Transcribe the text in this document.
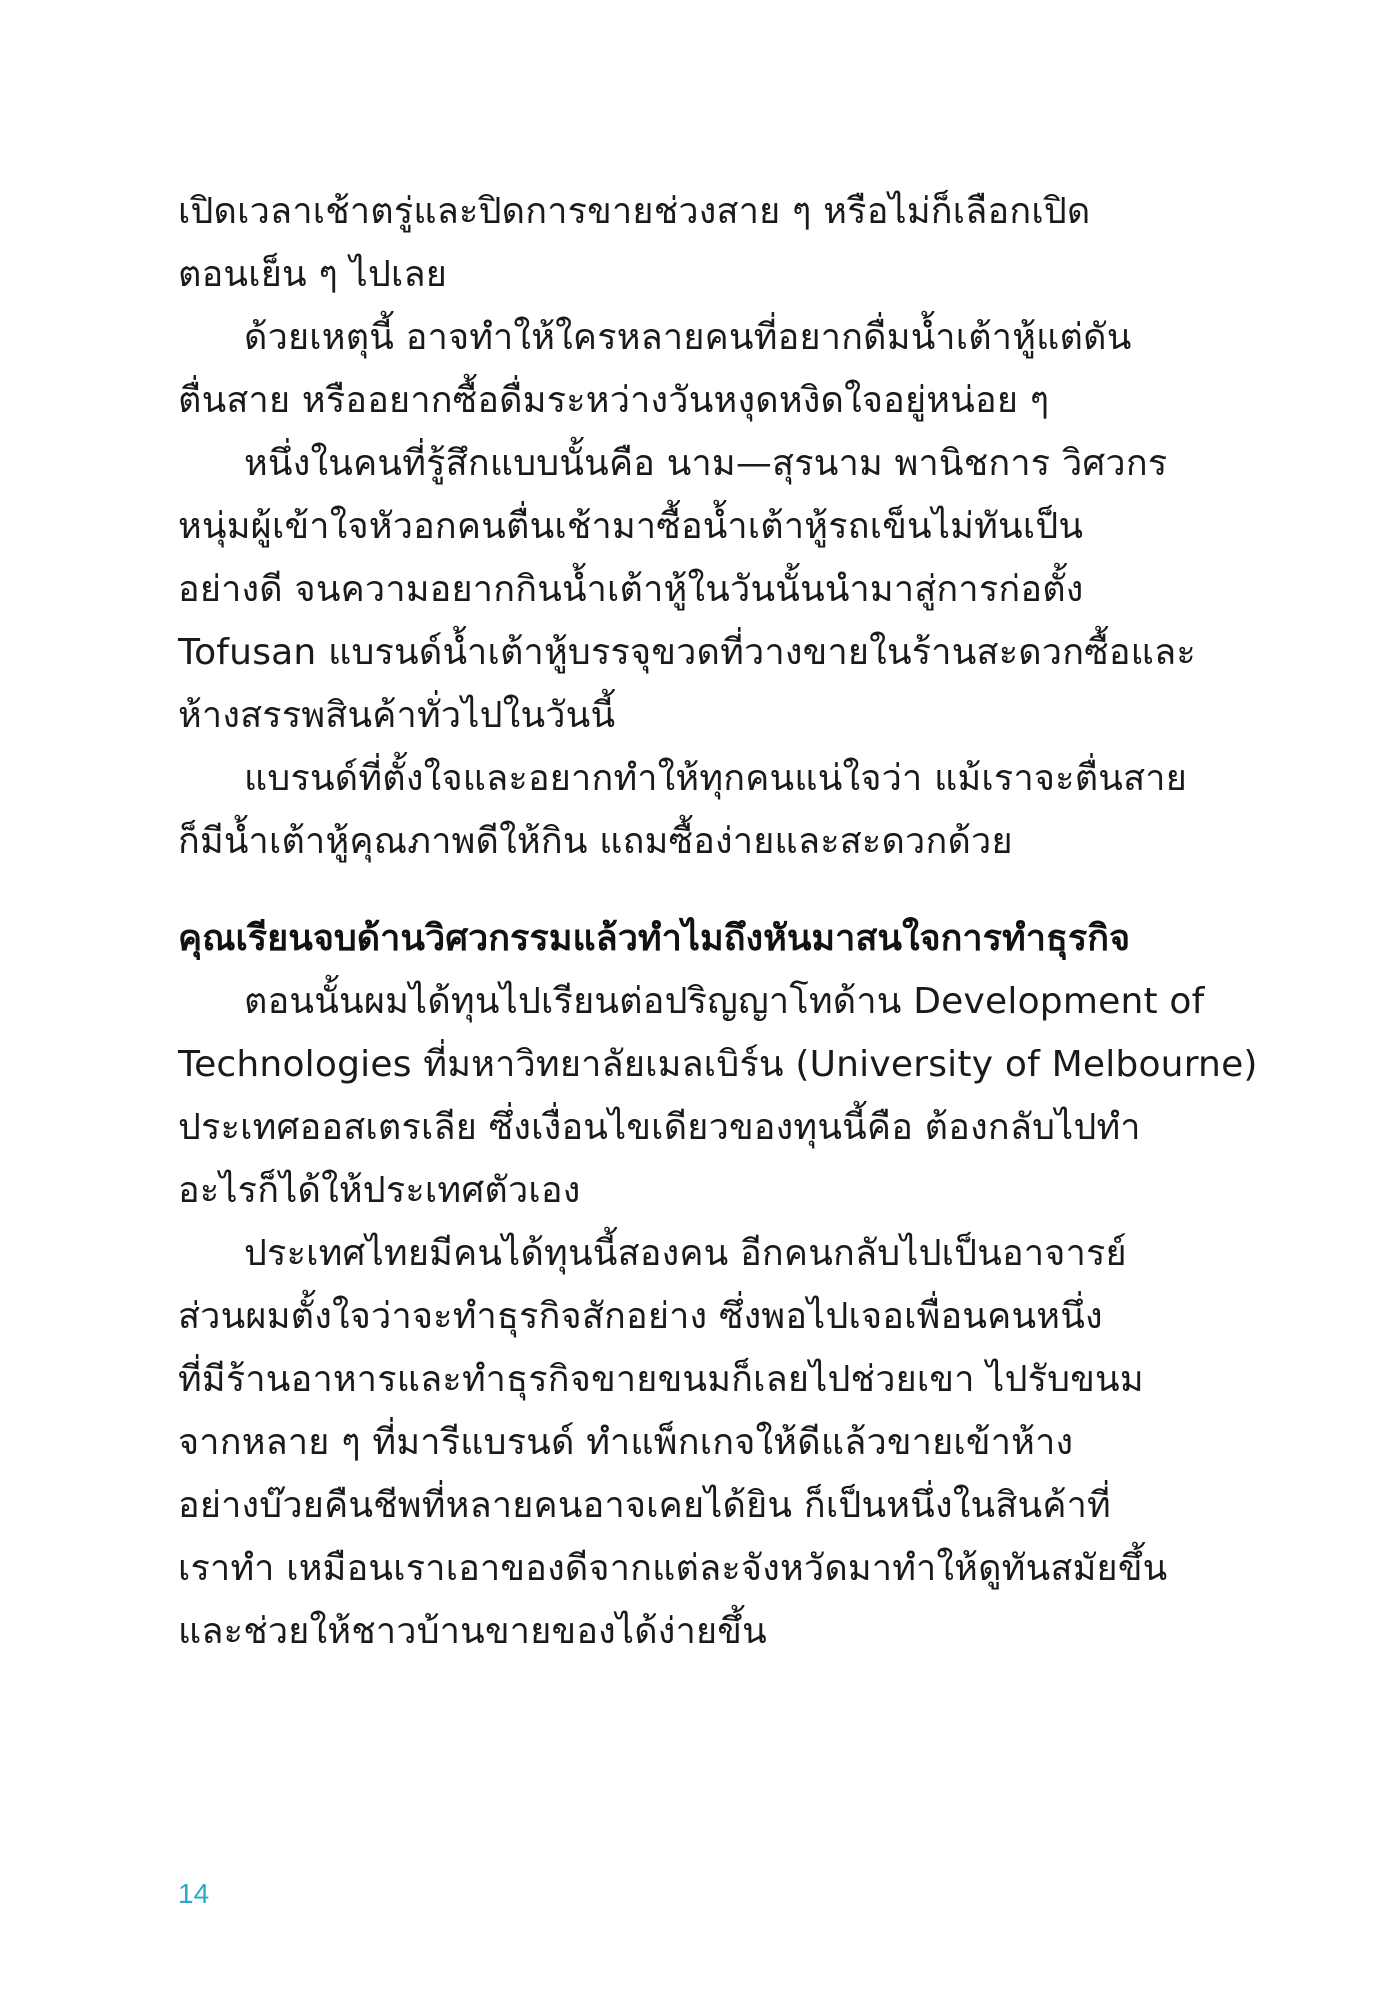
เปิดเวลาเช้าตรู่และปิดการขายช่วงสาย ๆ หรือไม่ก็เลือกเปิด
ตอนเย็น ๆ ไปเลย
ด้วยเหตุนี้ อาจทำให้ใครหลายคนที่อยากดื่มน้ำเต้าหู้แต่ดัน
ตื่นสาย หรืออยากซื้อดื่มระหว่างวันหงุดหงิดใจอยู่หน่อย ๆ
หนึ่งในคนที่รู้สึกแบบนั้นคือ นาม—สุรนาม พานิชการ วิศวกร
หนุ่มผู้เข้าใจหัวอกคนตื่นเช้ามาซื้อน้ำเต้าหู้รถเข็นไม่ทันเป็น
อย่างดี จนความอยากกินน้ำเต้าหู้ในวันนั้นนำมาสู่การก่อตั้ง
Tofusan แบรนด์น้ำเต้าหู้บรรจุขวดที่วางขายในร้านสะดวกซื้อและ
ห้างสรรพสินค้าทั่วไปในวันนี้
แบรนด์ที่ตั้งใจและอยากทำให้ทุกคนแน่ใจว่า แม้เราจะตื่นสาย
ก็มีน้ำเต้าหู้คุณภาพดีให้กิน แถมซื้อง่ายและสะดวกด้วย
คุณเรียนจบด้านวิศวกรรมแล้วทำไมถึงหันมาสนใจการทำธุรกิจ
ตอนนั้นผมได้ทุนไปเรียนต่อปริญญาโทด้าน Development of
Technologies ที่มหาวิทยาลัยเมลเบิร์น (University of Melbourne)
ประเทศออสเตรเลีย ซึ่งเงื่อนไขเดียวของทุนนี้คือ ต้องกลับไปทำ
อะไรก็ได้ให้ประเทศตัวเอง
ประเทศไทยมีคนได้ทุนนี้สองคน อีกคนกลับไปเป็นอาจารย์
ส่วนผมตั้งใจว่าจะทำธุรกิจสักอย่าง ซึ่งพอไปเจอเพื่อนคนหนึ่ง
ที่มีร้านอาหารและทำธุรกิจขายขนมก็เลยไปช่วยเขา ไปรับขนม
จากหลาย ๆ ที่มารีแบรนด์ ทำแพ็กเกจให้ดีแล้วขายเข้าห้าง
อย่างบ๊วยคืนชีพที่หลายคนอาจเคยได้ยิน ก็เป็นหนึ่งในสินค้าที่
เราทำ เหมือนเราเอาของดีจากแต่ละจังหวัดมาทำให้ดูทันสมัยขึ้น
และช่วยให้ชาวบ้านขายของได้ง่ายขึ้น
14
